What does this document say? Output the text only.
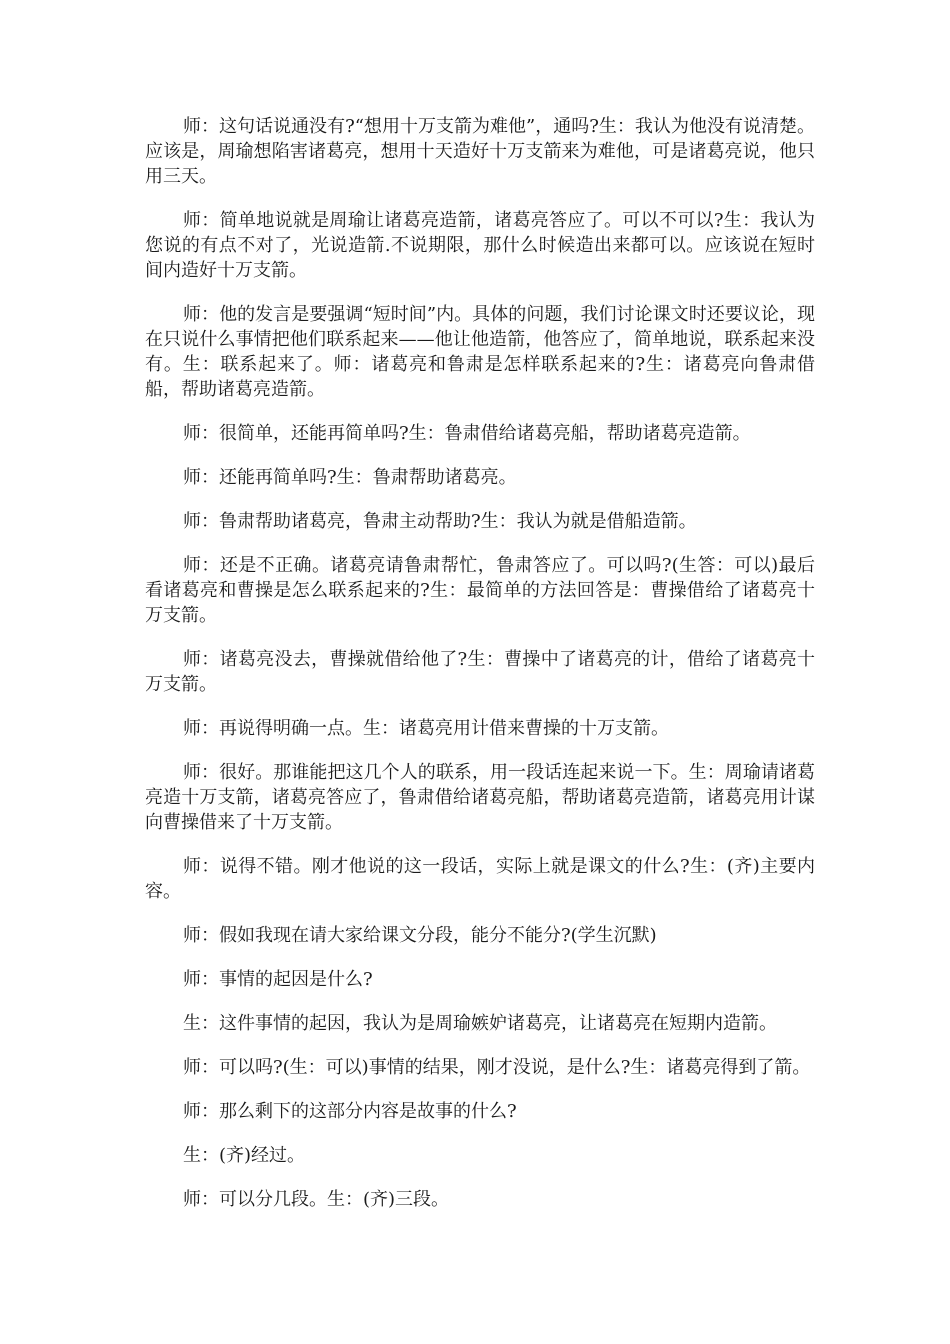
师：这句话说通没有?“想用十万支箭为难他”，通吗?生：我认为他没有说清楚。应该是，周瑜想陷害诸葛亮，想用十天造好十万支箭来为难他，可是诸葛亮说，他只用三天。

师：简单地说就是周瑜让诸葛亮造箭，诸葛亮答应了。可以不可以?生：我认为您说的有点不对了，光说造箭.不说期限，那什么时候造出来都可以。应该说在短时间内造好十万支箭。

师：他的发言是要强调“短时间”内。具体的问题，我们讨论课文时还要议论，现在只说什么事情把他们联系起来——他让他造箭，他答应了，简单地说，联系起来没有。生：联系起来了。师：诸葛亮和鲁肃是怎样联系起来的?生：诸葛亮向鲁肃借船，帮助诸葛亮造箭。

师：很简单，还能再简单吗?生：鲁肃借给诸葛亮船，帮助诸葛亮造箭。

师：还能再简单吗?生：鲁肃帮助诸葛亮。

师：鲁肃帮助诸葛亮，鲁肃主动帮助?生：我认为就是借船造箭。

师：还是不正确。诸葛亮请鲁肃帮忙，鲁肃答应了。可以吗?(生答：可以)最后看诸葛亮和曹操是怎么联系起来的?生：最简单的方法回答是：曹操借给了诸葛亮十万支箭。

师：诸葛亮没去，曹操就借给他了?生：曹操中了诸葛亮的计，借给了诸葛亮十万支箭。

师：再说得明确一点。生：诸葛亮用计借来曹操的十万支箭。

师：很好。那谁能把这几个人的联系，用一段话连起来说一下。生：周瑜请诸葛亮造十万支箭，诸葛亮答应了，鲁肃借给诸葛亮船，帮助诸葛亮造箭，诸葛亮用计谋向曹操借来了十万支箭。

师：说得不错。刚才他说的这一段话，实际上就是课文的什么?生：(齐)主要内容。

师：假如我现在请大家给课文分段，能分不能分?(学生沉默)

师：事情的起因是什么?

生：这件事情的起因，我认为是周瑜嫉妒诸葛亮，让诸葛亮在短期内造箭。

师：可以吗?(生：可以)事情的结果，刚才没说，是什么?生：诸葛亮得到了箭。

师：那么剩下的这部分内容是故事的什么?

生：(齐)经过。

师：可以分几段。生：(齐)三段。
